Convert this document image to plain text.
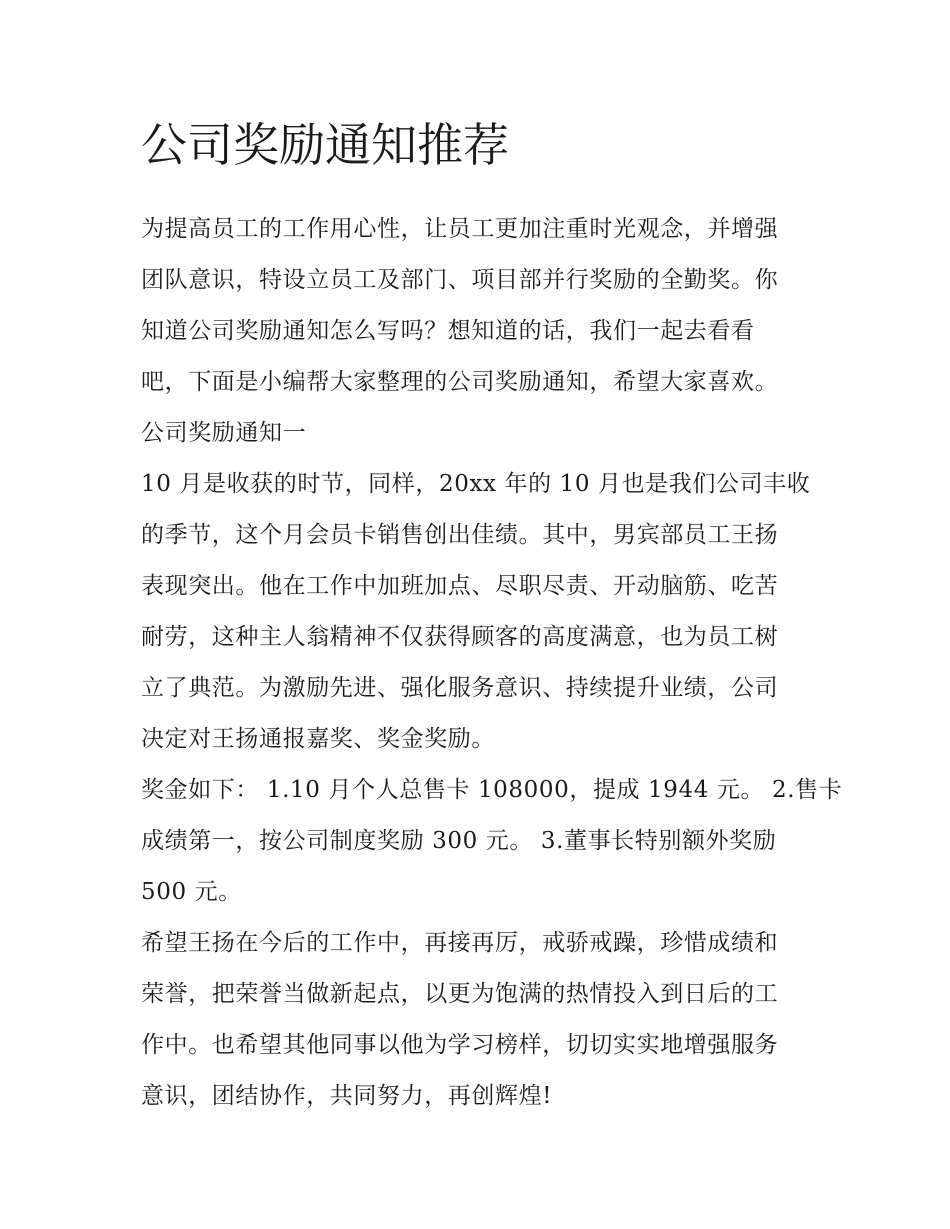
公司奖励通知推荐

为提高员工的工作用心性，让员工更加注重时光观念，并增强
团队意识，特设立员工及部门、项目部并行奖励的全勤奖。你
知道公司奖励通知怎么写吗？想知道的话，我们一起去看看
吧，下面是小编帮大家整理的公司奖励通知，希望大家喜欢。

公司奖励通知一

10 月是收获的时节，同样，20xx 年的 10 月也是我们公司丰收
的季节，这个月会员卡销售创出佳绩。其中，男宾部员工王扬
表现突出。他在工作中加班加点、尽职尽责、开动脑筋、吃苦
耐劳，这种主人翁精神不仅获得顾客的高度满意，也为员工树
立了典范。为激励先进、强化服务意识、持续提升业绩，公司
决定对王扬通报嘉奖、奖金奖励。

奖金如下： 1.10 月个人总售卡 108000，提成 1944 元。 2.售卡
成绩第一，按公司制度奖励 300 元。 3.董事长特别额外奖励
500 元。

希望王扬在今后的工作中，再接再厉，戒骄戒躁，珍惜成绩和
荣誉，把荣誉当做新起点，以更为饱满的热情投入到日后的工
作中。也希望其他同事以他为学习榜样，切切实实地增强服务
意识，团结协作，共同努力，再创辉煌!
